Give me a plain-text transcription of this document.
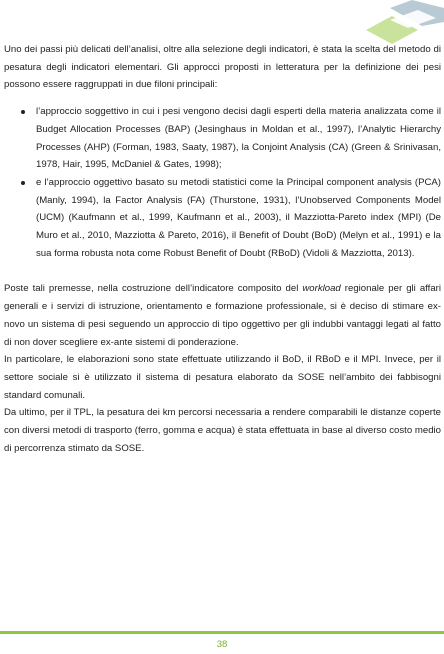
Uno dei passi più delicati dell’analisi, oltre alla selezione degli indicatori, è stata la scelta del metodo di pesatura degli indicatori elementari. Gli approcci proposti in letteratura per la definizione dei pesi possono essere raggruppati in due filoni principali:

l’approccio soggettivo in cui i pesi vengono decisi dagli esperti della materia analizzata come il Budget Allocation Processes (BAP) (Jesinghaus in Moldan et al., 1997), l’Analytic Hierarchy Processes (AHP) (Forman, 1983, Saaty, 1987), la Conjoint Analysis (CA) (Green & Srinivasan, 1978, Hair, 1995, McDaniel & Gates, 1998);
e l’approccio oggettivo basato su metodi statistici come la Principal component analysis (PCA) (Manly, 1994), la Factor Analysis (FA) (Thurstone, 1931), l’Unobserved Components Model (UCM) (Kaufmann et al., 1999, Kaufmann et al., 2003), il Mazziotta-Pareto index (MPI) (De Muro et al., 2010, Mazziotta & Pareto, 2016), il Benefit of Doubt (BoD) (Melyn et al., 1991) e la sua forma robusta nota come Robust Benefit of Doubt (RBoD) (Vidoli & Mazziotta, 2013).

Poste tali premesse, nella costruzione dell’indicatore composito del workload regionale per gli affari generali e i servizi di istruzione, orientamento e formazione professionale, si è deciso di stimare ex-novo un sistema di pesi seguendo un approccio di tipo oggettivo per gli indubbi vantaggi legati al fatto di non dover scegliere ex-ante sistemi di ponderazione.

In particolare, le elaborazioni sono state effettuate utilizzando il BoD, il RBoD e il MPI. Invece, per il settore sociale si è utilizzato il sistema di pesatura elaborato da SOSE nell’ambito dei fabbisogni standard comunali.

Da ultimo, per il TPL, la pesatura dei km percorsi necessaria a rendere comparabili le distanze coperte con diversi metodi di trasporto (ferro, gomma e acqua) è stata effettuata in base al diverso costo medio di percorrenza stimato da SOSE.

38
